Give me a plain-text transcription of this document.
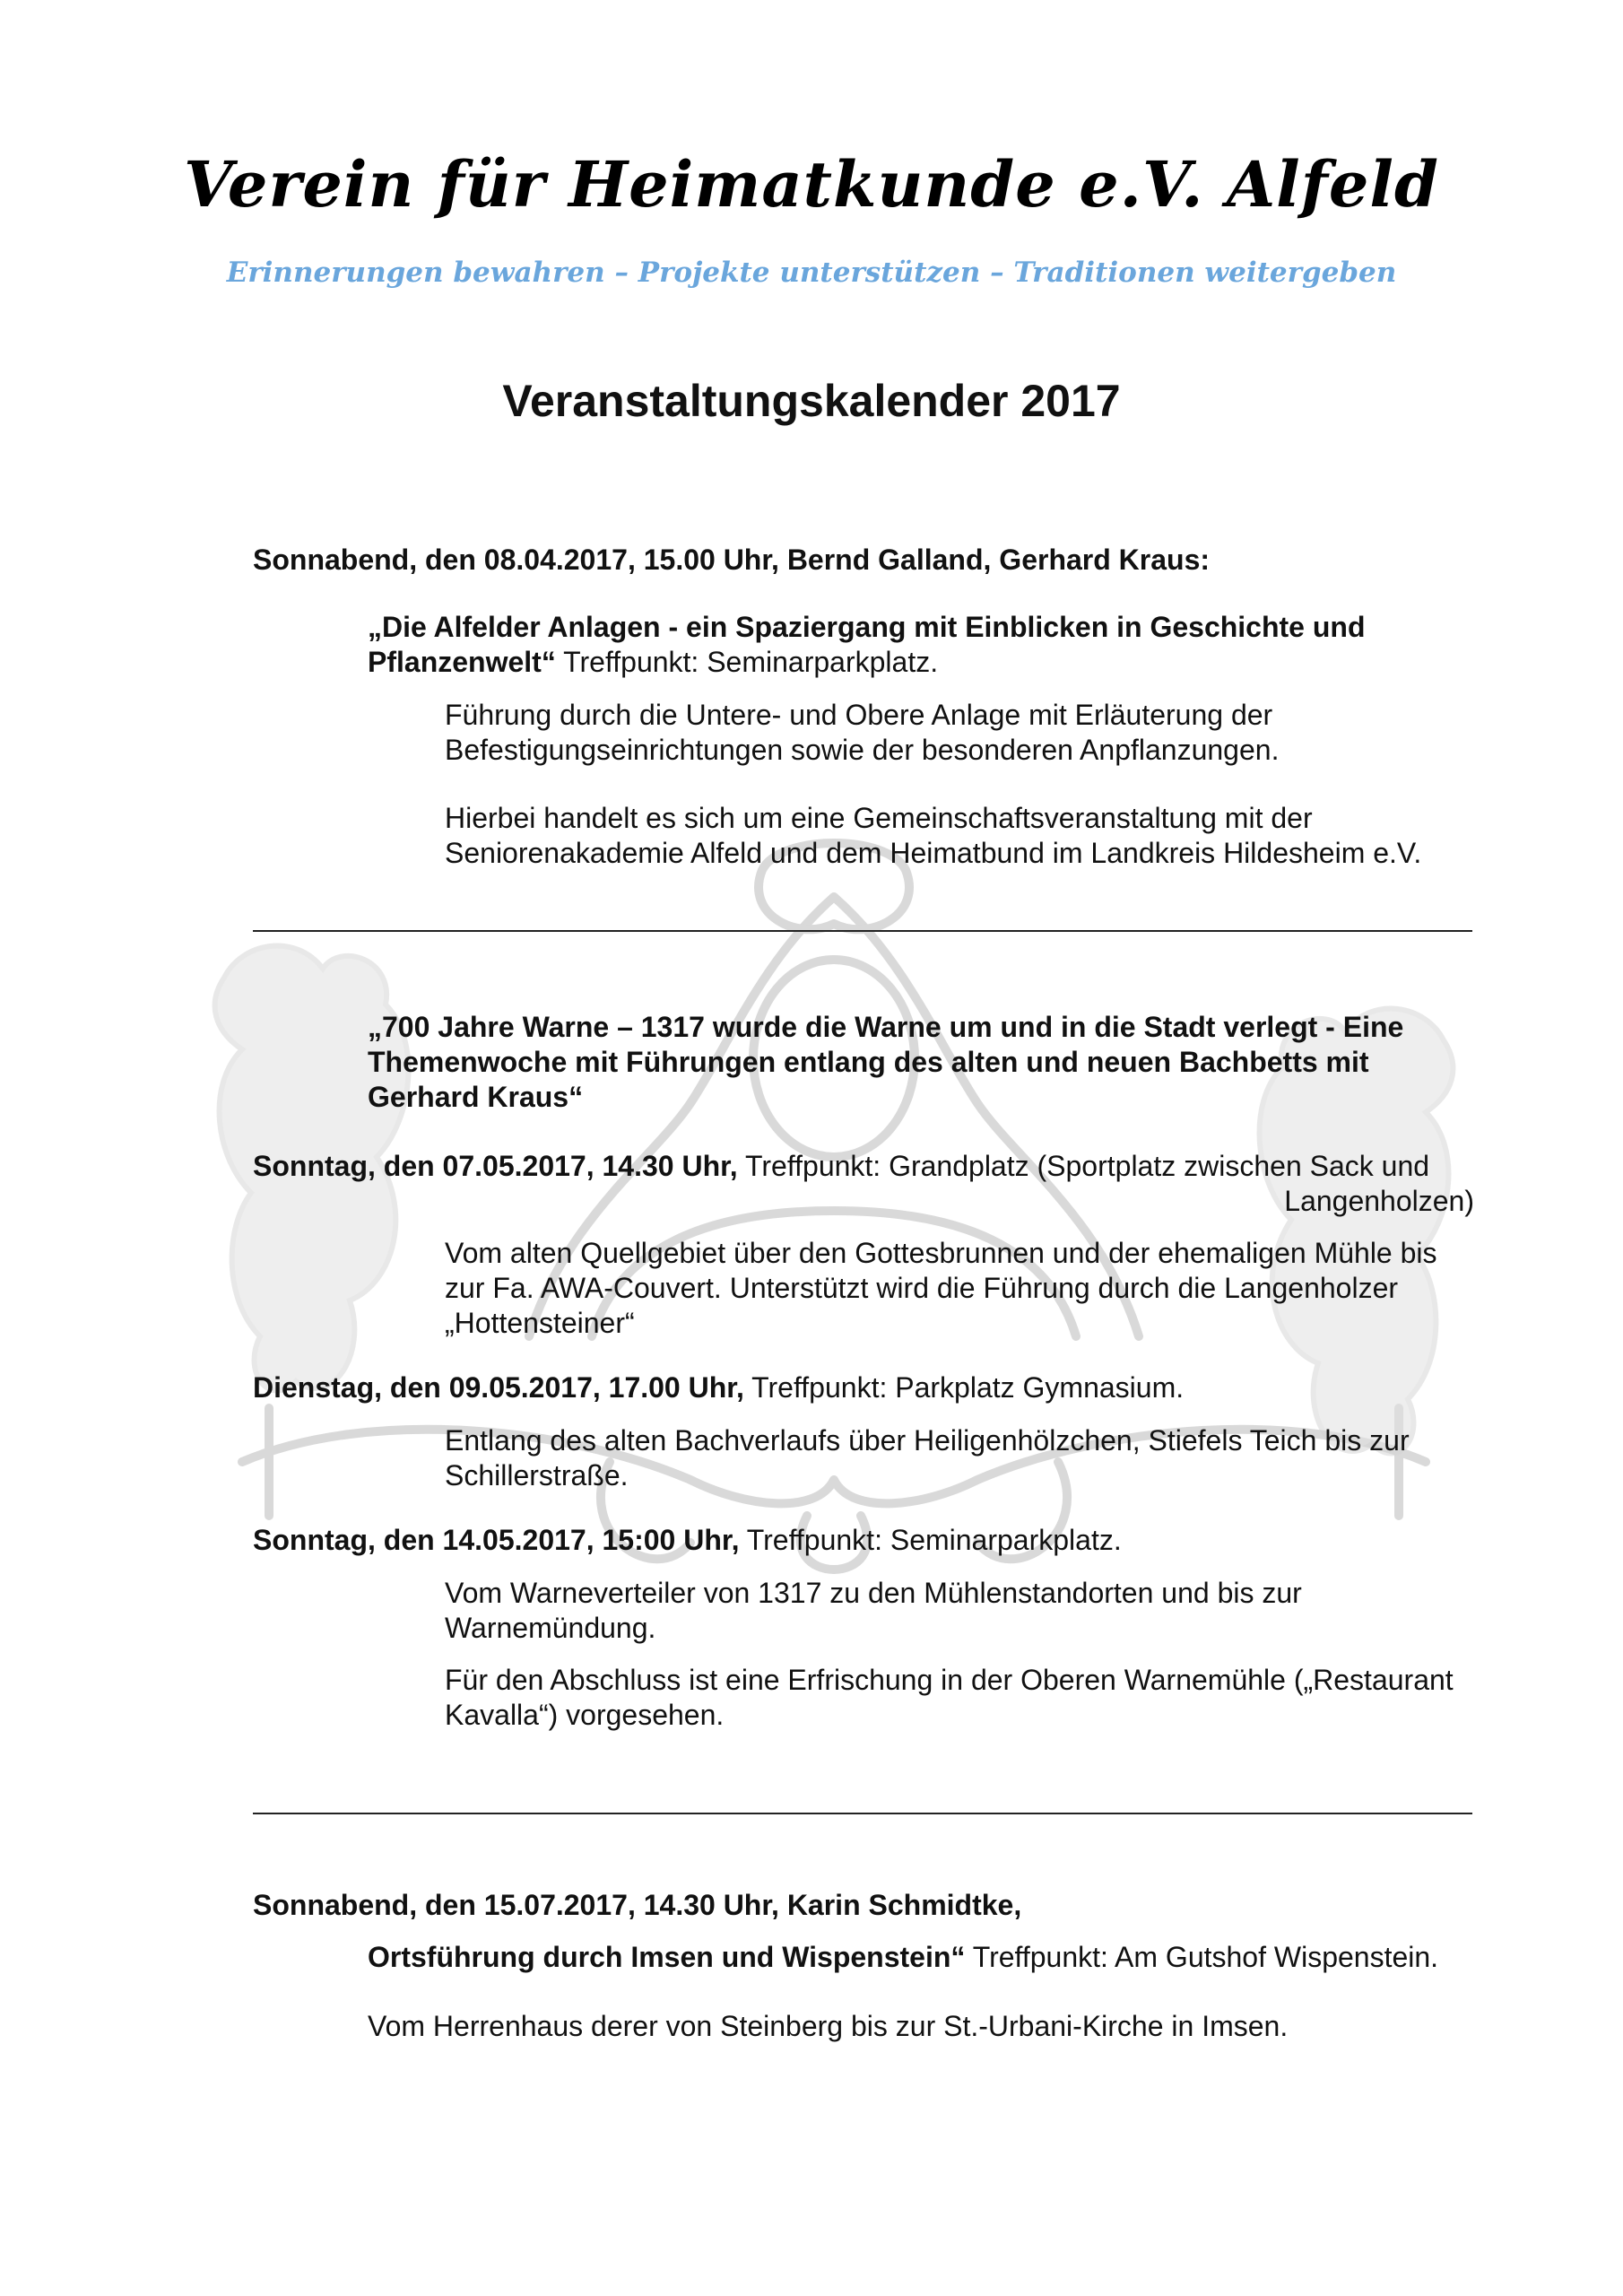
Verein für Heimatkunde e.V. Alfeld
Erinnerungen bewahren – Projekte unterstützen – Traditionen weitergeben
Veranstaltungskalender 2017
Sonnabend, den 08.04.2017, 15.00 Uhr, Bernd Galland, Gerhard Kraus:
„Die Alfelder Anlagen - ein Spaziergang mit Einblicken in Geschichte und
Pflanzenwelt“ Treffpunkt: Seminarparkplatz.
Führung durch die Untere- und Obere Anlage mit Erläuterung der
Befestigungseinrichtungen sowie der besonderen Anpflanzungen.
Hierbei handelt es sich um eine Gemeinschaftsveranstaltung mit der
Seniorenakademie Alfeld und dem Heimatbund im Landkreis Hildesheim e.V.
„700 Jahre Warne – 1317 wurde die Warne um und in die Stadt verlegt - Eine
Themenwoche mit Führungen entlang des alten und neuen Bachbetts mit
Gerhard Kraus“
Sonntag, den 07.05.2017, 14.30 Uhr, Treffpunkt: Grandplatz (Sportplatz zwischen Sack und
Langenholzen)
Vom alten Quellgebiet über den Gottesbrunnen und der ehemaligen Mühle bis
zur Fa. AWA-Couvert. Unterstützt wird die Führung durch die Langenholzer
„Hottensteiner“
Dienstag, den 09.05.2017, 17.00 Uhr, Treffpunkt: Parkplatz Gymnasium.
Entlang des alten Bachverlaufs über Heiligenhölzchen, Stiefels Teich bis zur
Schillerstraße.
Sonntag, den 14.05.2017, 15:00 Uhr, Treffpunkt: Seminarparkplatz.
Vom Warneverteiler von 1317 zu den Mühlenstandorten und bis zur
Warnemündung.
Für den Abschluss ist eine Erfrischung in der Oberen Warnemühle („Restaurant
Kavalla“) vorgesehen.
Sonnabend, den 15.07.2017, 14.30 Uhr, Karin Schmidtke,
Ortsführung durch Imsen und Wispenstein“ Treffpunkt: Am Gutshof Wispenstein.
Vom Herrenhaus derer von Steinberg bis zur St.-Urbani-Kirche in Imsen.
